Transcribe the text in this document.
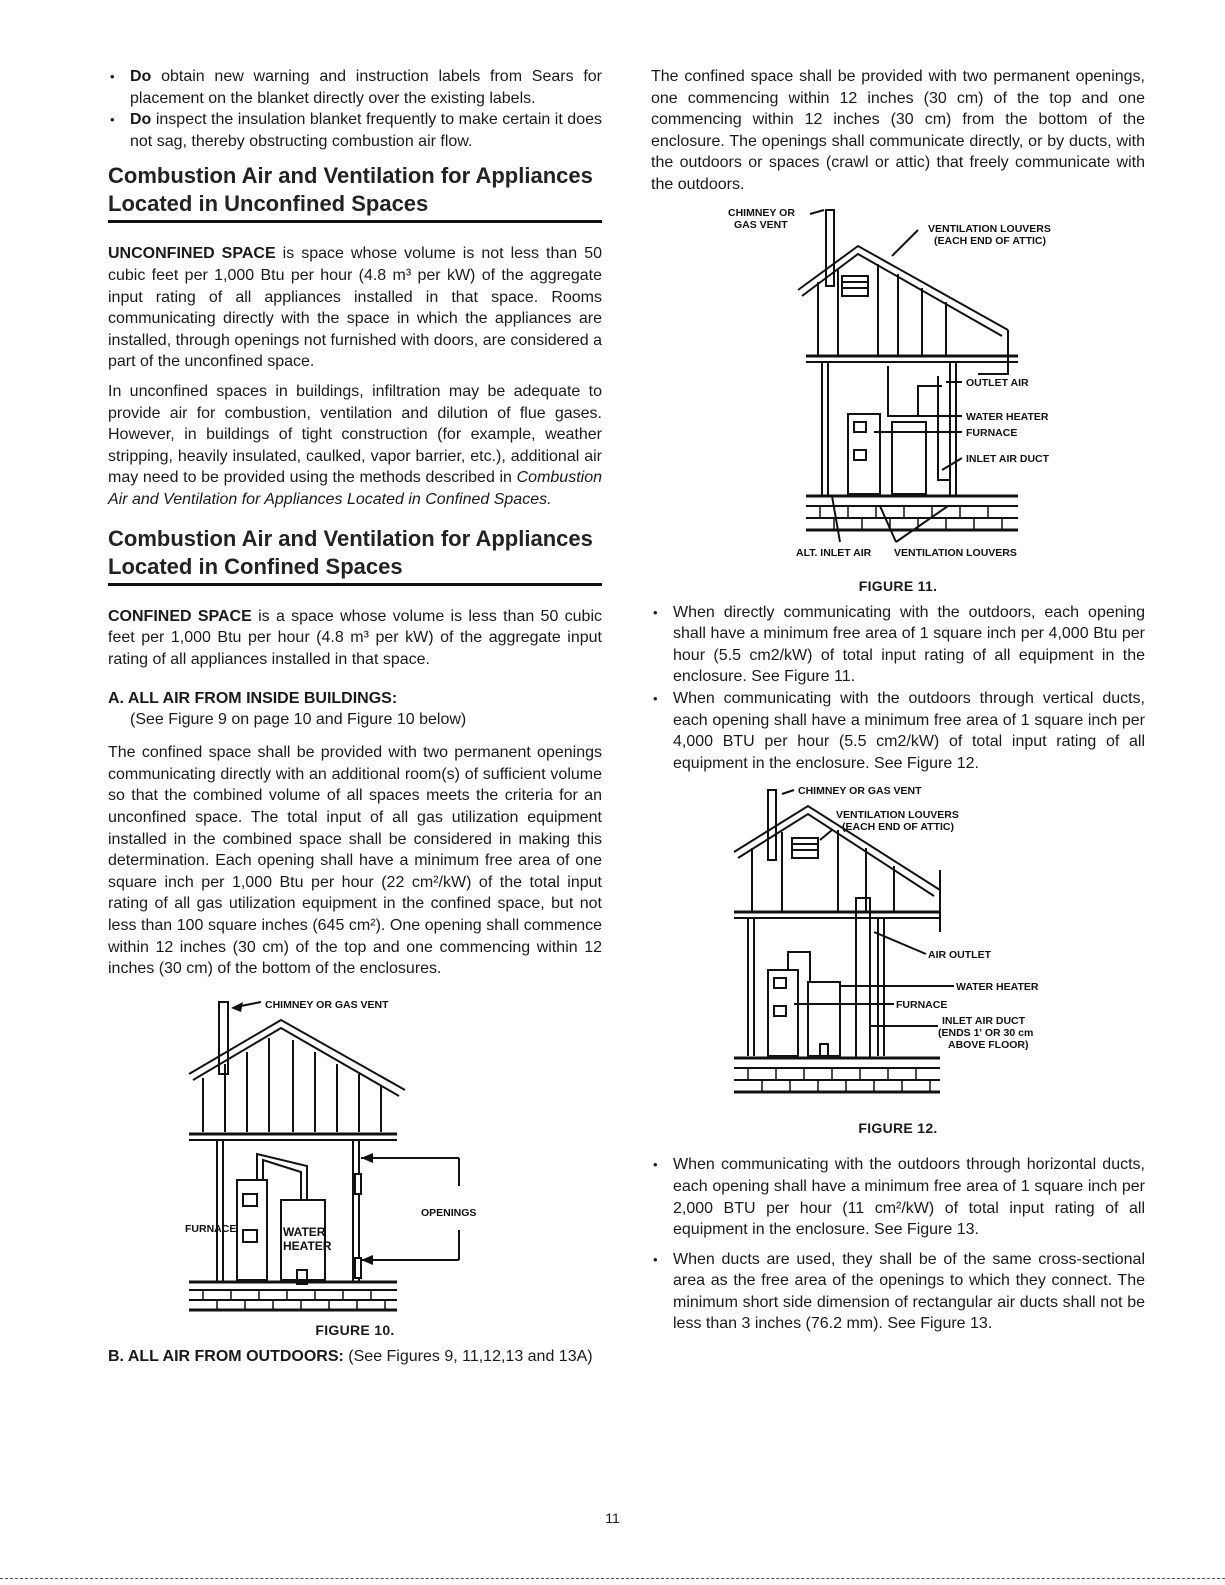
• Do obtain new warning and instruction labels from Sears for placement on the blanket directly over the existing labels.
• Do inspect the insulation blanket frequently to make certain it does not sag, thereby obstructing combustion air flow.
Combustion Air and Ventilation for Appliances Located in Unconfined Spaces

UNCONFINED SPACE is space whose volume is not less than 50 cubic feet per 1,000 Btu per hour (4.8 m³ per kW) of the aggregate input rating of all appliances installed in that space. Rooms communicating directly with the space in which the appliances are installed, through openings not furnished with doors, are considered a part of the unconfined space.

In unconfined spaces in buildings, infiltration may be adequate to provide air for combustion, ventilation and dilution of flue gases. However, in buildings of tight construction (for example, weather stripping, heavily insulated, caulked, vapor barrier, etc.), additional air may need to be provided using the methods described in Combustion Air and Ventilation for Appliances Located in Confined Spaces.

Combustion Air and Ventilation for Appliances Located in Confined Spaces

CONFINED SPACE is a space whose volume is less than 50 cubic feet per 1,000 Btu per hour (4.8 m³ per kW) of the aggregate input rating of all appliances installed in that space.

A. ALL AIR FROM INSIDE BUILDINGS:
(See Figure 9 on page 10 and Figure 10 below)

The confined space shall be provided with two permanent openings communicating directly with an additional room(s) of sufficient volume so that the combined volume of all spaces meets the criteria for an unconfined space. The total input of all gas utilization equipment installed in the combined space shall be considered in making this determination. Each opening shall have a minimum free area of one square inch per 1,000 Btu per hour (22 cm²/kW) of the total input rating of all gas utilization equipment in the confined space, but not less than 100 square inches (645 cm²). One opening shall commence within 12 inches (30 cm) of the top and one commencing within 12 inches (30 cm) of the bottom of the enclosures.

CHIMNEY OR GAS VENT
FURNACE	WATER
HEATER
OPENINGS
FIGURE 10.

B. ALL AIR FROM OUTDOORS: (See Figures 9, 11,12,13 and 13A)

The confined space shall be provided with two permanent openings, one commencing within 12 inches (30 cm) of the top and one commencing within 12 inches (30 cm) from the bottom of the enclosure. The openings shall communicate directly, or by ducts, with the outdoors or spaces (crawl or attic) that freely communicate with the outdoors.

CHIMNEY OR
GAS VENT	VENTILATION LOUVERS
(EACH END OF ATTIC)
OUTLET AIR
WATER HEATER
FURNACE
INLET AIR DUCT
ALT. INLET AIR VENTILATION LOUVERS
FIGURE 11.
• When directly communicating with the outdoors, each opening shall have a minimum free area of 1 square inch per 4,000 Btu per hour (5.5 cm2/kW) of total input rating of all equipment in the enclosure. See Figure 11.
• When communicating with the outdoors through vertical ducts, each opening shall have a minimum free area of 1 square inch per 4,000 BTU per hour (5.5 cm2/kW) of total input rating of all equipment in the enclosure. See Figure 12.
CHIMNEY OR GAS VENT
VENTILATION LOUVERS
(EACH END OF ATTIC)
AIR OUTLET
WATER HEATER
FURNACE
INLET AIR DUCT
(ENDS 1' OR 30 cm
ABOVE FLOOR)
FIGURE 12.
• When communicating with the outdoors through horizontal ducts, each opening shall have a minimum free area of 1 square inch per 2,000 BTU per hour (11 cm²/kW) of total input rating of all equipment in the enclosure. See Figure 13.
• When ducts are used, they shall be of the same cross-sectional area as the free area of the openings to which they connect. The minimum short side dimension of rectangular air ducts shall not be less than 3 inches (76.2 mm). See Figure 13.
11
